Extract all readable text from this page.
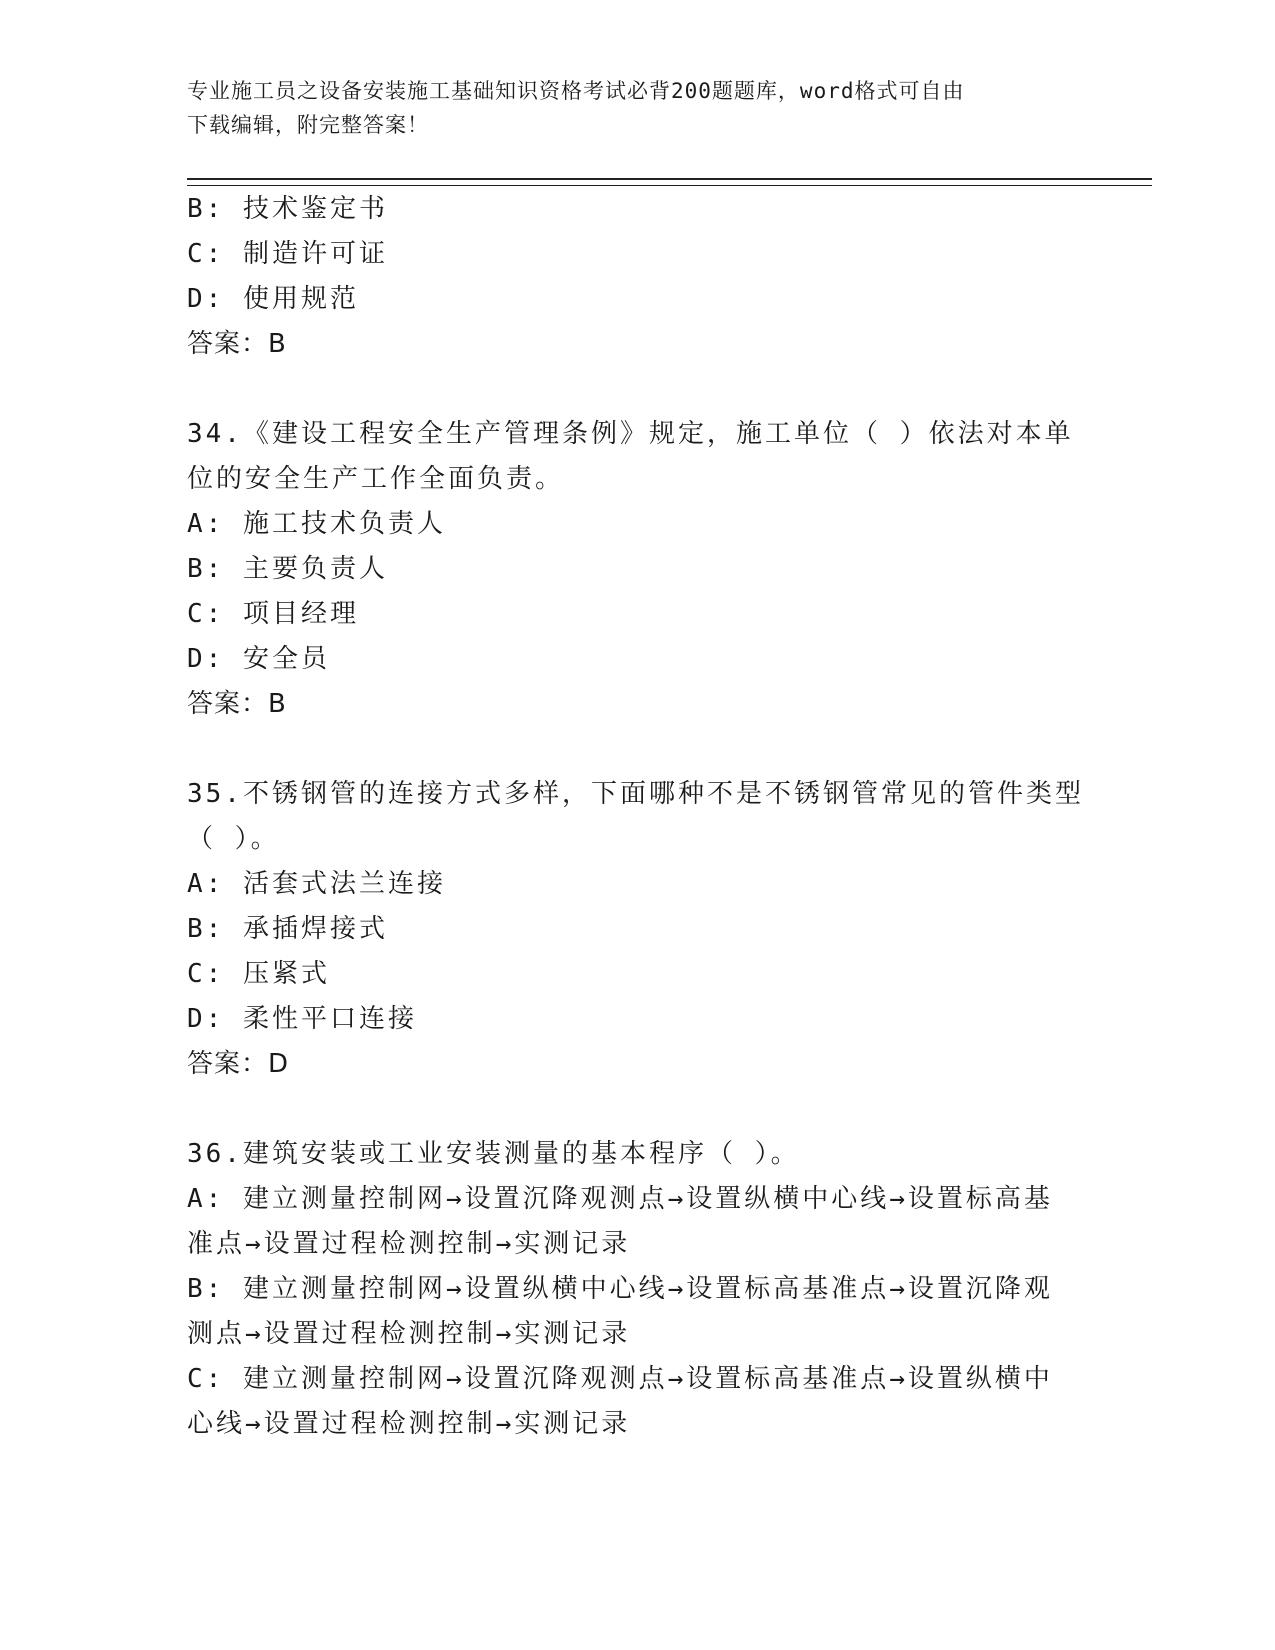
专业施工员之设备安装施工基础知识资格考试必背200题题库，word格式可自由
下载编辑，附完整答案！
B: 技术鉴定书
C: 制造许可证
D: 使用规范
答案：B
34.《建设工程安全生产管理条例》规定，施工单位（ ）依法对本单
位的安全生产工作全面负责。
A: 施工技术负责人
B: 主要负责人
C: 项目经理
D: 安全员
答案：B
35.不锈钢管的连接方式多样，下面哪种不是不锈钢管常见的管件类型
（ ）。
A: 活套式法兰连接
B: 承插焊接式
C: 压紧式
D: 柔性平口连接
答案：D
36.建筑安装或工业安装测量的基本程序（ ）。
A: 建立测量控制网→设置沉降观测点→设置纵横中心线→设置标高基
准点→设置过程检测控制→实测记录
B: 建立测量控制网→设置纵横中心线→设置标高基准点→设置沉降观
测点→设置过程检测控制→实测记录
C: 建立测量控制网→设置沉降观测点→设置标高基准点→设置纵横中
心线→设置过程检测控制→实测记录
